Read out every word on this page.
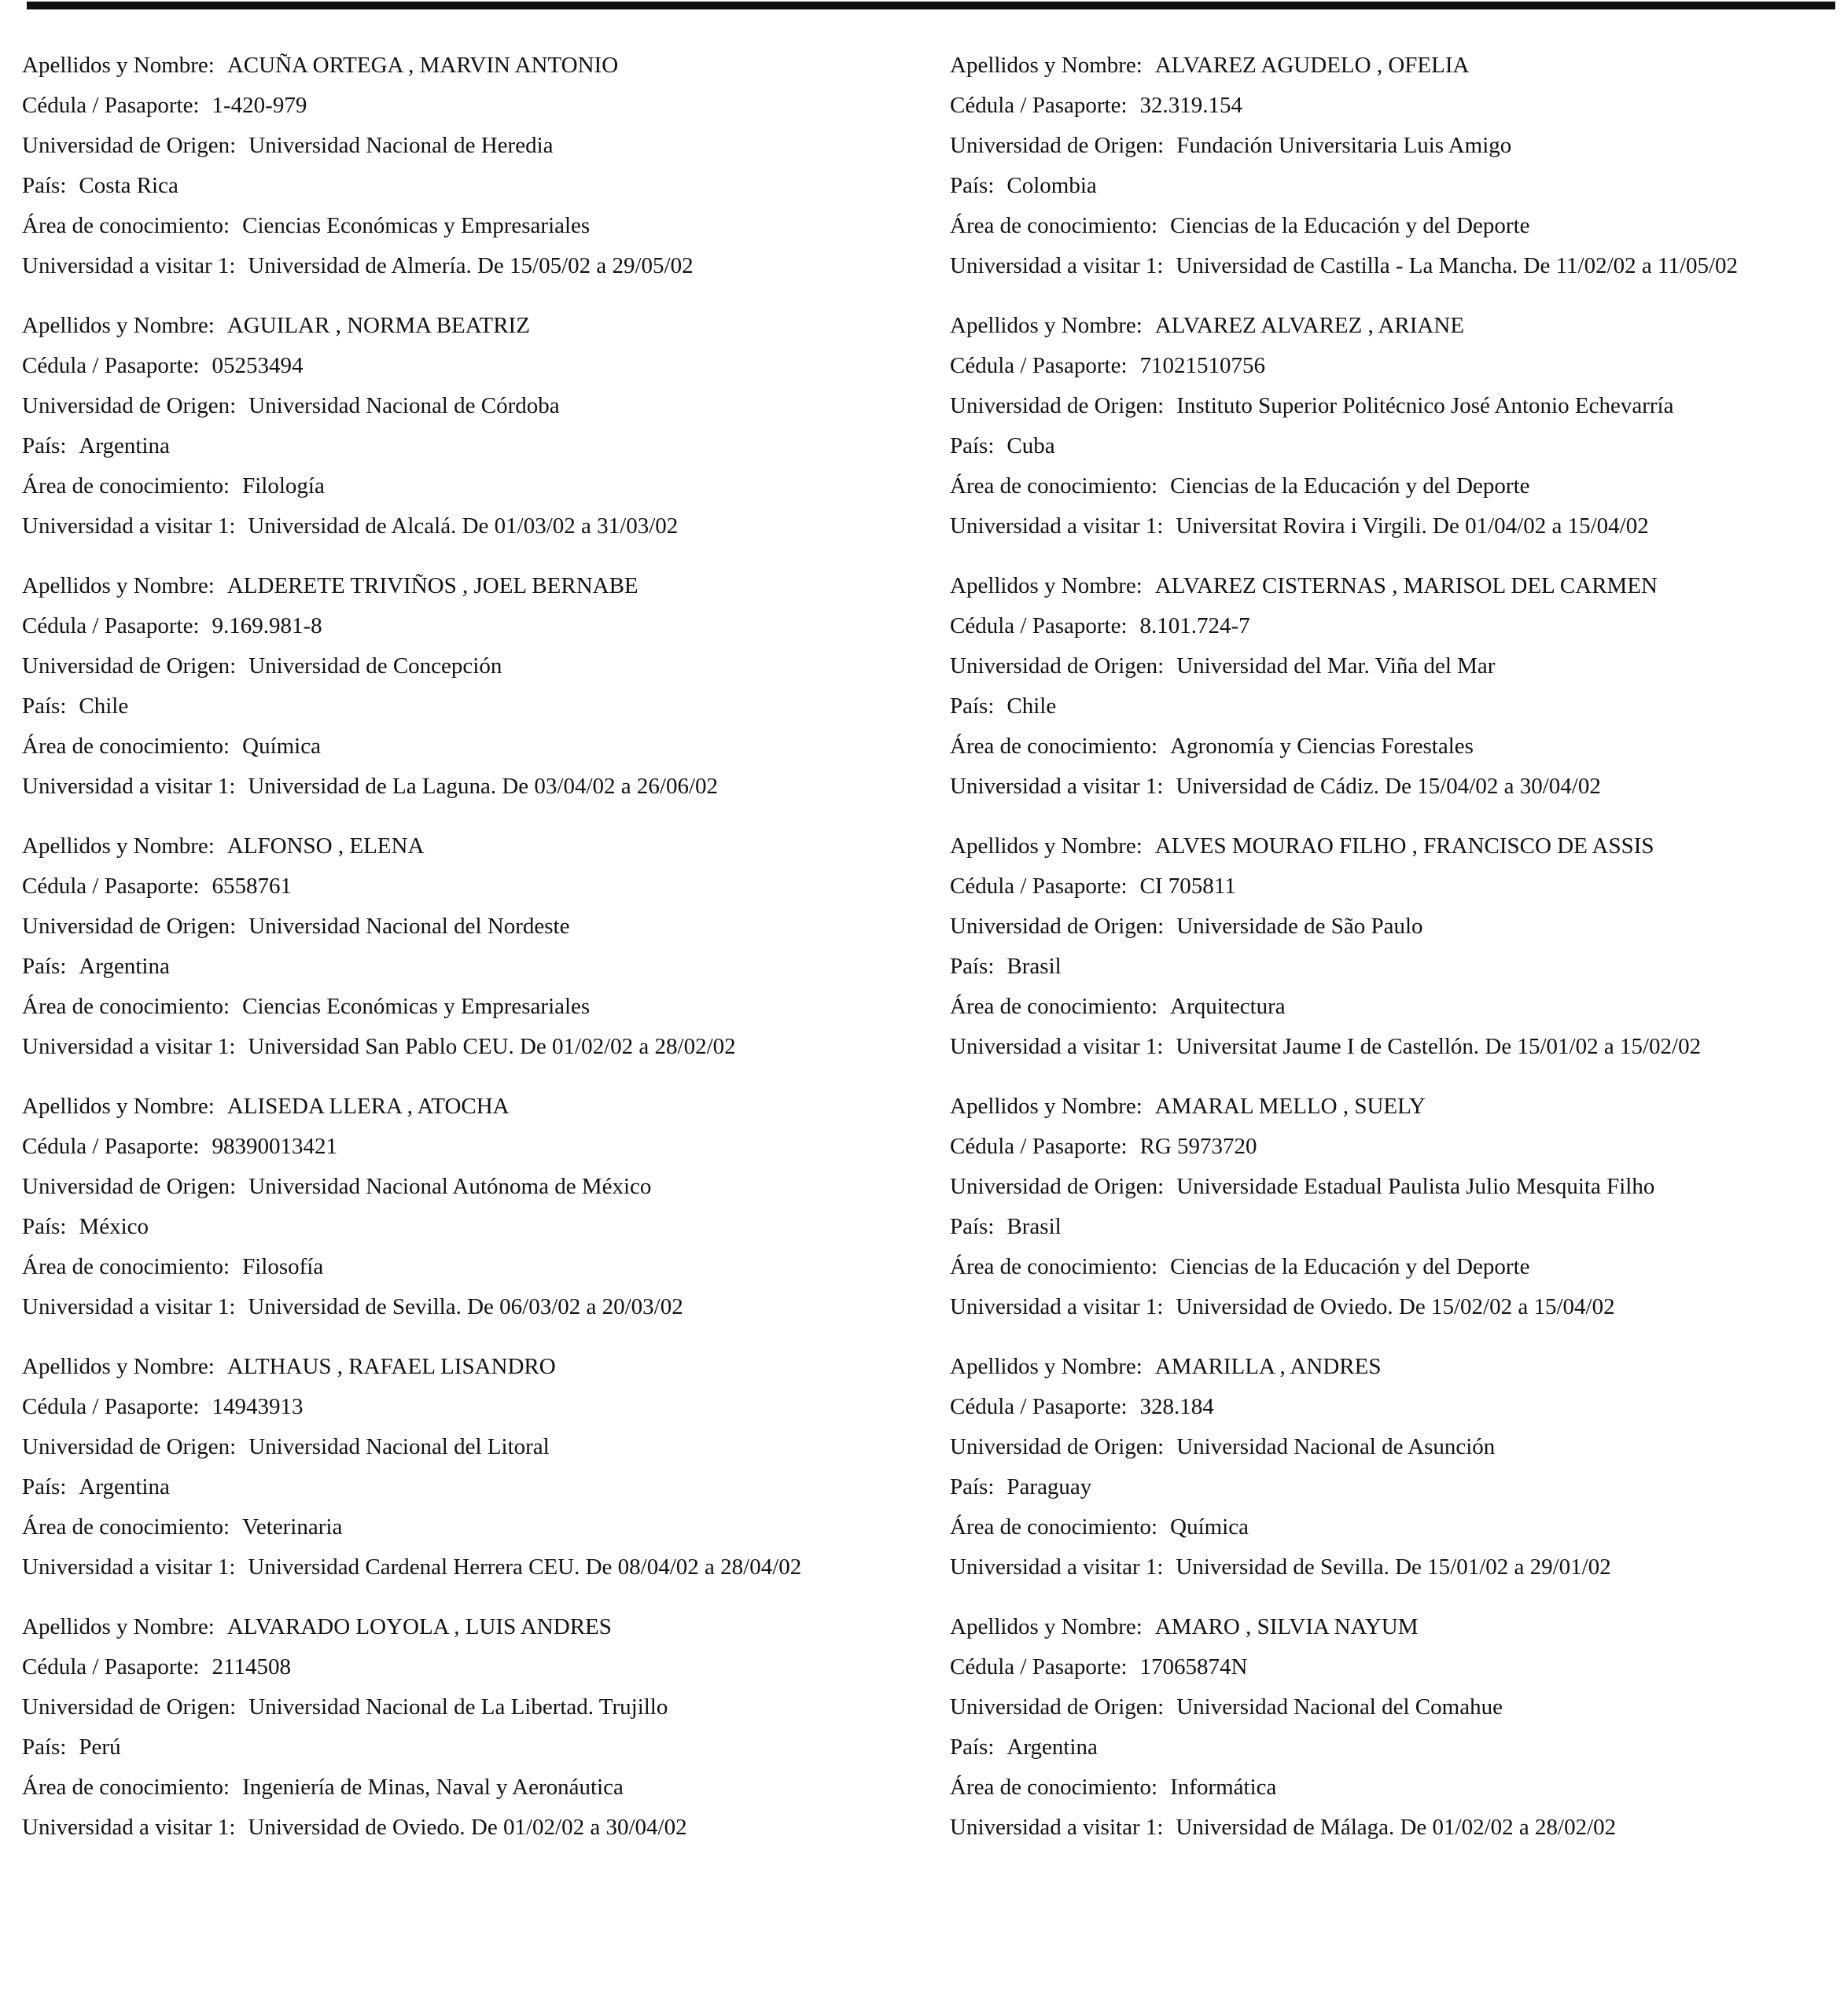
Apellidos y Nombre: ACUÑA ORTEGA , MARVIN ANTONIO
Cédula / Pasaporte: 1-420-979
Universidad de Origen: Universidad Nacional de Heredia
País: Costa Rica
Área de conocimiento: Ciencias Económicas y Empresariales
Universidad a visitar 1: Universidad de Almería. De 15/05/02 a 29/05/02
Apellidos y Nombre: AGUILAR , NORMA BEATRIZ
Cédula / Pasaporte: 05253494
Universidad de Origen: Universidad Nacional de Córdoba
País: Argentina
Área de conocimiento: Filología
Universidad a visitar 1: Universidad de Alcalá. De 01/03/02 a 31/03/02
Apellidos y Nombre: ALDERETE TRIVIÑOS , JOEL BERNABE
Cédula / Pasaporte: 9.169.981-8
Universidad de Origen: Universidad de Concepción
País: Chile
Área de conocimiento: Química
Universidad a visitar 1: Universidad de La Laguna. De 03/04/02 a 26/06/02
Apellidos y Nombre: ALFONSO , ELENA
Cédula / Pasaporte: 6558761
Universidad de Origen: Universidad Nacional del Nordeste
País: Argentina
Área de conocimiento: Ciencias Económicas y Empresariales
Universidad a visitar 1: Universidad San Pablo CEU. De 01/02/02 a 28/02/02
Apellidos y Nombre: ALISEDA LLERA , ATOCHA
Cédula / Pasaporte: 98390013421
Universidad de Origen: Universidad Nacional Autónoma de México
País: México
Área de conocimiento: Filosofía
Universidad a visitar 1: Universidad de Sevilla. De 06/03/02 a 20/03/02
Apellidos y Nombre: ALTHAUS , RAFAEL LISANDRO
Cédula / Pasaporte: 14943913
Universidad de Origen: Universidad Nacional del Litoral
País: Argentina
Área de conocimiento: Veterinaria
Universidad a visitar 1: Universidad Cardenal Herrera CEU. De 08/04/02 a 28/04/02
Apellidos y Nombre: ALVARADO LOYOLA , LUIS ANDRES
Cédula / Pasaporte: 2114508
Universidad de Origen: Universidad Nacional de La Libertad. Trujillo
País: Perú
Área de conocimiento: Ingeniería de Minas, Naval y Aeronáutica
Universidad a visitar 1: Universidad de Oviedo. De 01/02/02 a 30/04/02
Apellidos y Nombre: ALVAREZ AGUDELO , OFELIA
Cédula / Pasaporte: 32.319.154
Universidad de Origen: Fundación Universitaria Luis Amigo
País: Colombia
Área de conocimiento: Ciencias de la Educación y del Deporte
Universidad a visitar 1: Universidad de Castilla - La Mancha. De 11/02/02 a 11/05/02
Apellidos y Nombre: ALVAREZ ALVAREZ , ARIANE
Cédula / Pasaporte: 71021510756
Universidad de Origen: Instituto Superior Politécnico José Antonio Echevarría
País: Cuba
Área de conocimiento: Ciencias de la Educación y del Deporte
Universidad a visitar 1: Universitat Rovira i Virgili. De 01/04/02 a 15/04/02
Apellidos y Nombre: ALVAREZ CISTERNAS , MARISOL DEL CARMEN
Cédula / Pasaporte: 8.101.724-7
Universidad de Origen: Universidad del Mar. Viña del Mar
País: Chile
Área de conocimiento: Agronomía y Ciencias Forestales
Universidad a visitar 1: Universidad de Cádiz. De 15/04/02 a 30/04/02
Apellidos y Nombre: ALVES MOURAO FILHO , FRANCISCO DE ASSIS
Cédula / Pasaporte: CI 705811
Universidad de Origen: Universidade de São Paulo
País: Brasil
Área de conocimiento: Arquitectura
Universidad a visitar 1: Universitat Jaume I de Castellón. De 15/01/02 a 15/02/02
Apellidos y Nombre: AMARAL MELLO , SUELY
Cédula / Pasaporte: RG 5973720
Universidad de Origen: Universidade Estadual Paulista Julio Mesquita Filho
País: Brasil
Área de conocimiento: Ciencias de la Educación y del Deporte
Universidad a visitar 1: Universidad de Oviedo. De 15/02/02 a 15/04/02
Apellidos y Nombre: AMARILLA , ANDRES
Cédula / Pasaporte: 328.184
Universidad de Origen: Universidad Nacional de Asunción
País: Paraguay
Área de conocimiento: Química
Universidad a visitar 1: Universidad de Sevilla. De 15/01/02 a 29/01/02
Apellidos y Nombre: AMARO , SILVIA NAYUM
Cédula / Pasaporte: 17065874N
Universidad de Origen: Universidad Nacional del Comahue
País: Argentina
Área de conocimiento: Informática
Universidad a visitar 1: Universidad de Málaga. De 01/02/02 a 28/02/02
